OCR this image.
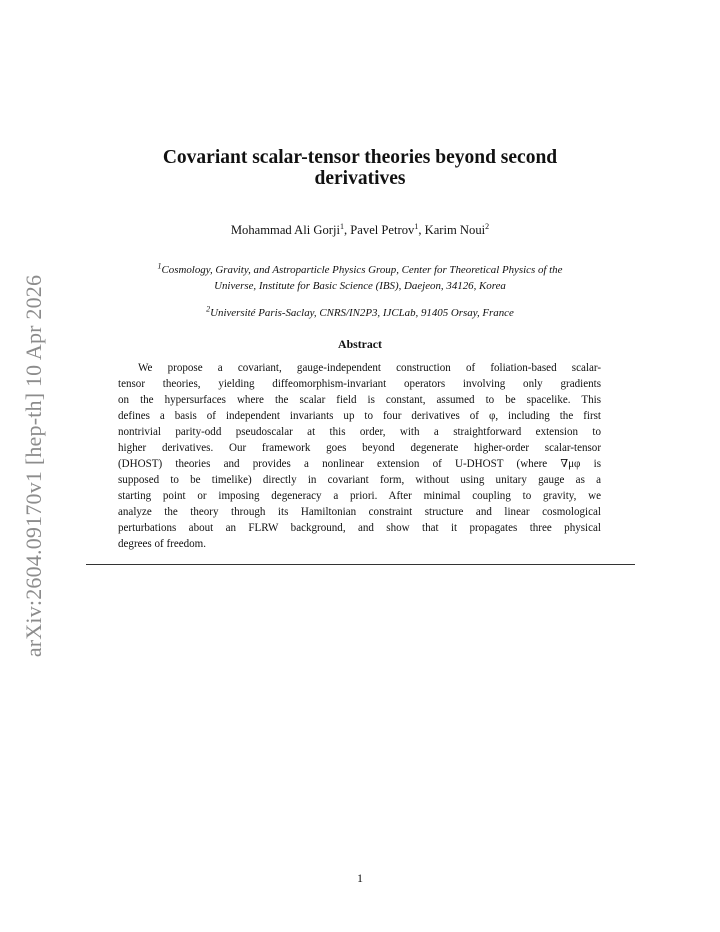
arXiv:2604.09170v1 [hep-th] 10 Apr 2026
Covariant scalar-tensor theories beyond second
derivatives
Mohammad Ali Gorji$^1$, Pavel Petrov$^1$, Karim Noui$^2$
$^1$Cosmology, Gravity, and Astroparticle Physics Group, Center for Theoretical Physics of the
Universe, Institute for Basic Science (IBS), Daejeon, 34126, Korea
$^2$Université Paris-Saclay, CNRS/IN2P3, IJCLab, 91405 Orsay, France
Abstract
We propose a covariant, gauge-independent construction of foliation-based scalar-
tensor theories, yielding diffeomorphism-invariant operators involving only gradients
on the hypersurfaces where the scalar field is constant, assumed to be spacelike. This
defines a basis of independent invariants up to four derivatives of φ, including the first
nontrivial parity-odd pseudoscalar at this order, with a straightforward extension to
higher derivatives. Our framework goes beyond degenerate higher-order scalar-tensor
(DHOST) theories and provides a nonlinear extension of U-DHOST (where ∇μφ is
supposed to be timelike) directly in covariant form, without using unitary gauge as a
starting point or imposing degeneracy a priori. After minimal coupling to gravity, we
analyze the theory through its Hamiltonian constraint structure and linear cosmological
perturbations about an FLRW background, and show that it propagates three physical
degrees of freedom.
1
